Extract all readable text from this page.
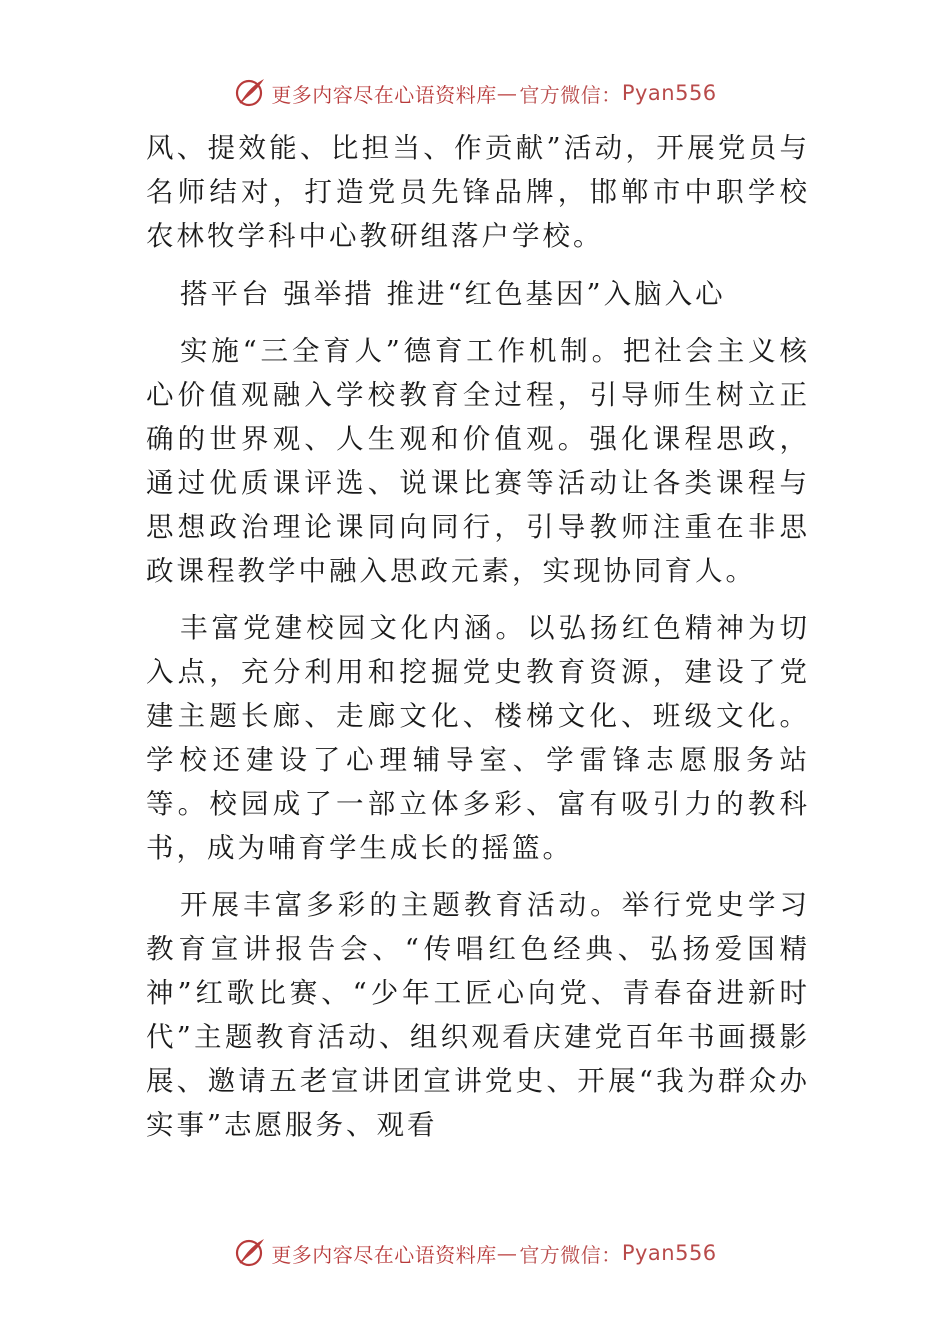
更多内容尽在心语资料库 — 官方微信： Pyan556

风、提效能、比担当、作贡献”活动，开展党员与名师结对，打造党员先锋品牌，邯郸市中职学校农林牧学科中心教研组落户学校。

搭平台 强举措 推进“红色基因”入脑入心

实施“三全育人”德育工作机制。把社会主义核心价值观融入学校教育全过程，引导师生树立正确的世界观、人生观和价值观。强化课程思政，通过优质课评选、说课比赛等活动让各类课程与思想政治理论课同向同行，引导教师注重在非思政课程教学中融入思政元素，实现协同育人。

丰富党建校园文化内涵。以弘扬红色精神为切入点，充分利用和挖掘党史教育资源，建设了党建主题长廊、走廊文化、楼梯文化、班级文化。学校还建设了心理辅导室、学雷锋志愿服务站等。校园成了一部立体多彩、富有吸引力的教科书，成为哺育学生成长的摇篮。

开展丰富多彩的主题教育活动。举行党史学习教育宣讲报告会、“传唱红色经典、弘扬爱国精神”红歌比赛、“少年工匠心向党、青春奋进新时代”主题教育活动、组织观看庆建党百年书画摄影展、邀请五老宣讲团宣讲党史、开展“我为群众办实事”志愿服务、观看

更多内容尽在心语资料库 — 官方微信： Pyan556
